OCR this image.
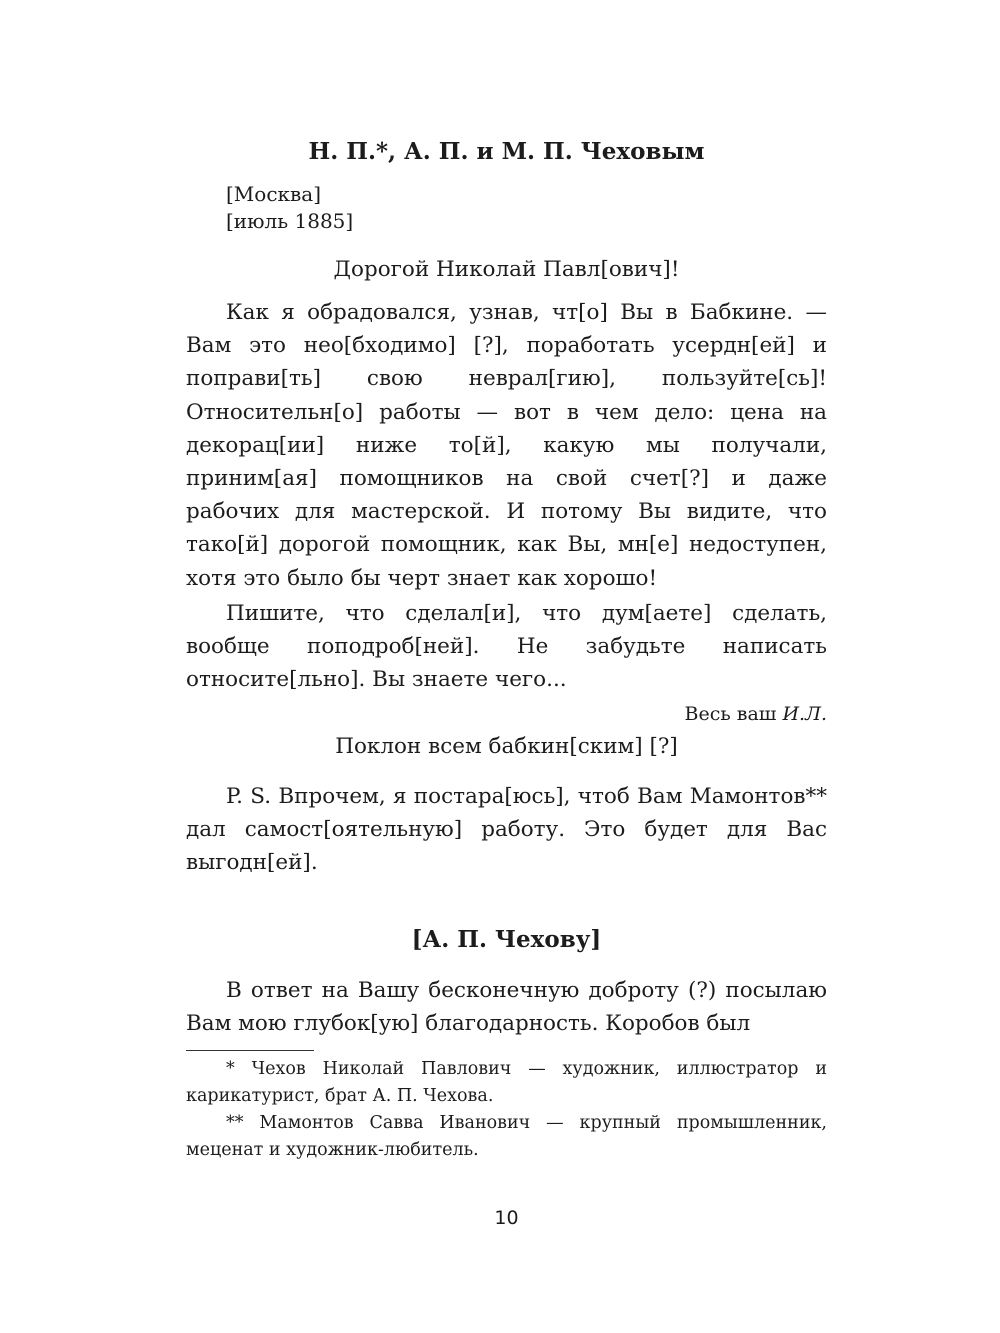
Н. П.*, А. П. и М. П. Чеховым
[Москва]
[июль 1885]
Дорогой Николай Павл[ович]!

Как я обрадовался, узнав, чт[о] Вы в Бабкине. — Вам это нео[бходимо] [?], поработать усердн[ей] и поправи[ть] свою неврал[гию], пользуйте[сь]! Относительн[о] работы — вот в чем дело: цена на декорац[ии] ниже то[й], какую мы получали, приним[ая] помощников на свой счет[?] и даже рабочих для мастерской. И потому Вы видите, что тако[й] дорогой помощник, как Вы, мн[е] недоступен, хотя это было бы черт знает как хорошо!

Пишите, что сделал[и], что дум[аете] сделать, вообще поподроб[ней]. Не забудьте написать относите[льно]. Вы знаете чего...

Весь ваш И.Л.
Поклон всем бабкин[ским] [?]

P. S. Впрочем, я постара[юсь], чтоб Вам Мамонтов** дал самост[оятельную] работу. Это будет для Вас выгодн[ей].

[А. П. Чехову]

В ответ на Вашу бесконечную доброту (?) посылаю Вам мою глубок[ую] благодарность. Коробов был

* Чехов Николай Павлович — художник, иллюстратор и карикатурист, брат А. П. Чехова.

** Мамонтов Савва Иванович — крупный промышленник, меценат и художник-любитель.

10
